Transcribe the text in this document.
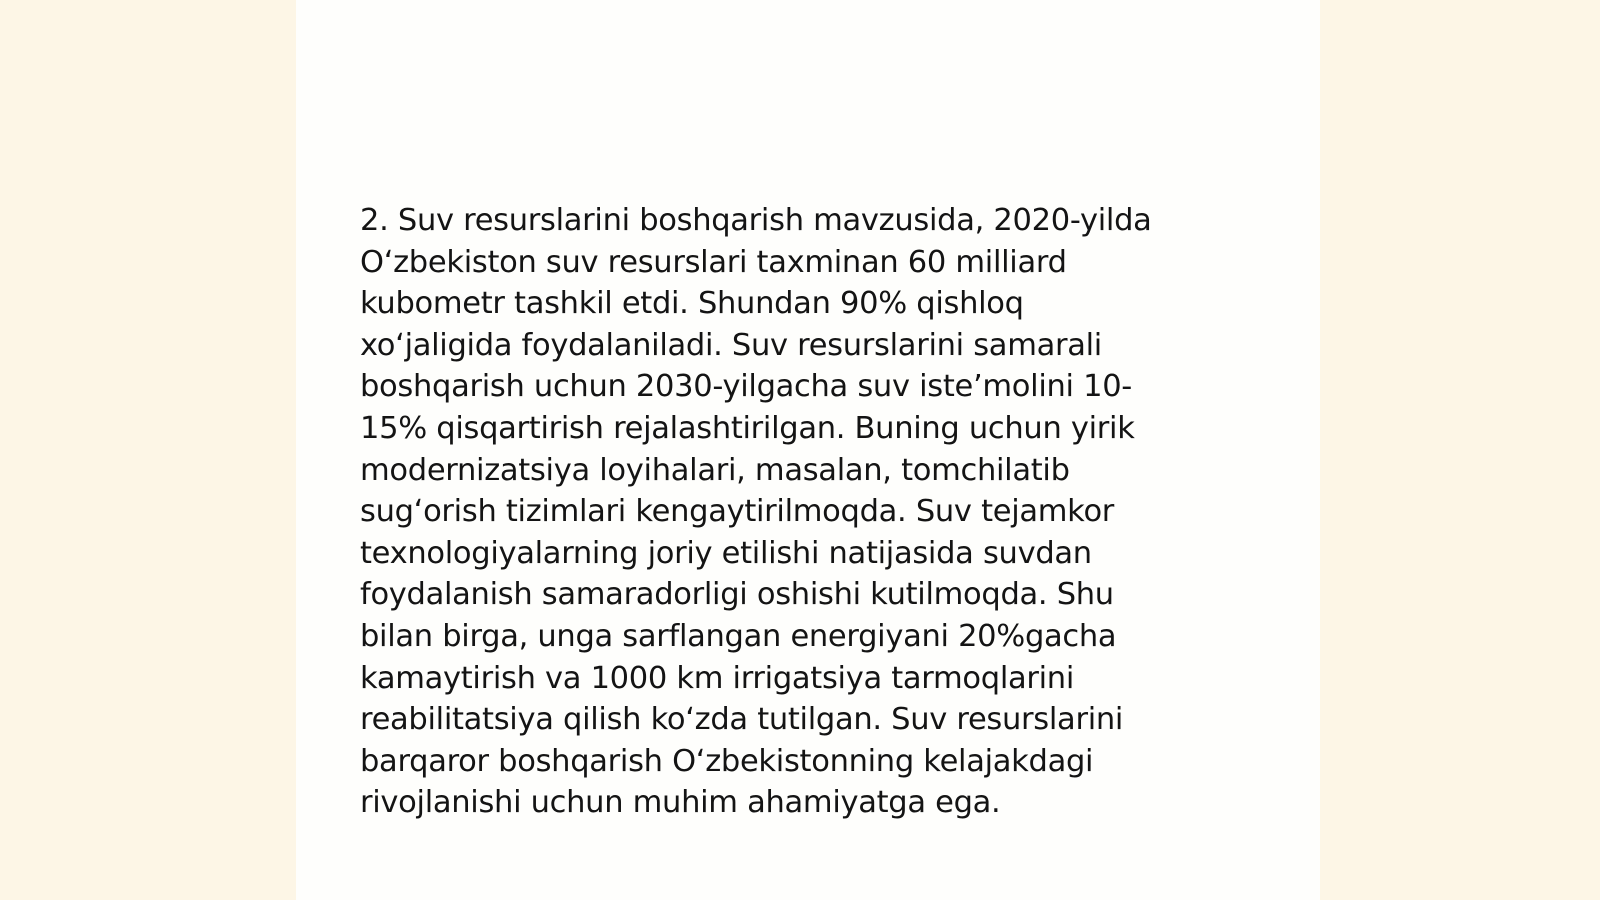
2. Suv resurslarini boshqarish mavzusida, 2020-yilda
O‘zbekiston suv resurslari taxminan 60 milliard
kubometr tashkil etdi. Shundan 90% qishloq
xo‘jaligida foydalaniladi. Suv resurslarini samarali
boshqarish uchun 2030-yilgacha suv iste’molini 10-
15% qisqartirish rejalashtirilgan. Buning uchun yirik
modernizatsiya loyihalari, masalan, tomchilatib
sug‘orish tizimlari kengaytirilmoqda. Suv tejamkor
texnologiyalarning joriy etilishi natijasida suvdan
foydalanish samaradorligi oshishi kutilmoqda. Shu
bilan birga, unga sarflangan energiyani 20%gacha
kamaytirish va 1000 km irrigatsiya tarmoqlarini
reabilitatsiya qilish ko‘zda tutilgan. Suv resurslarini
barqaror boshqarish O‘zbekistonning kelajakdagi
rivojlanishi uchun muhim ahamiyatga ega.
